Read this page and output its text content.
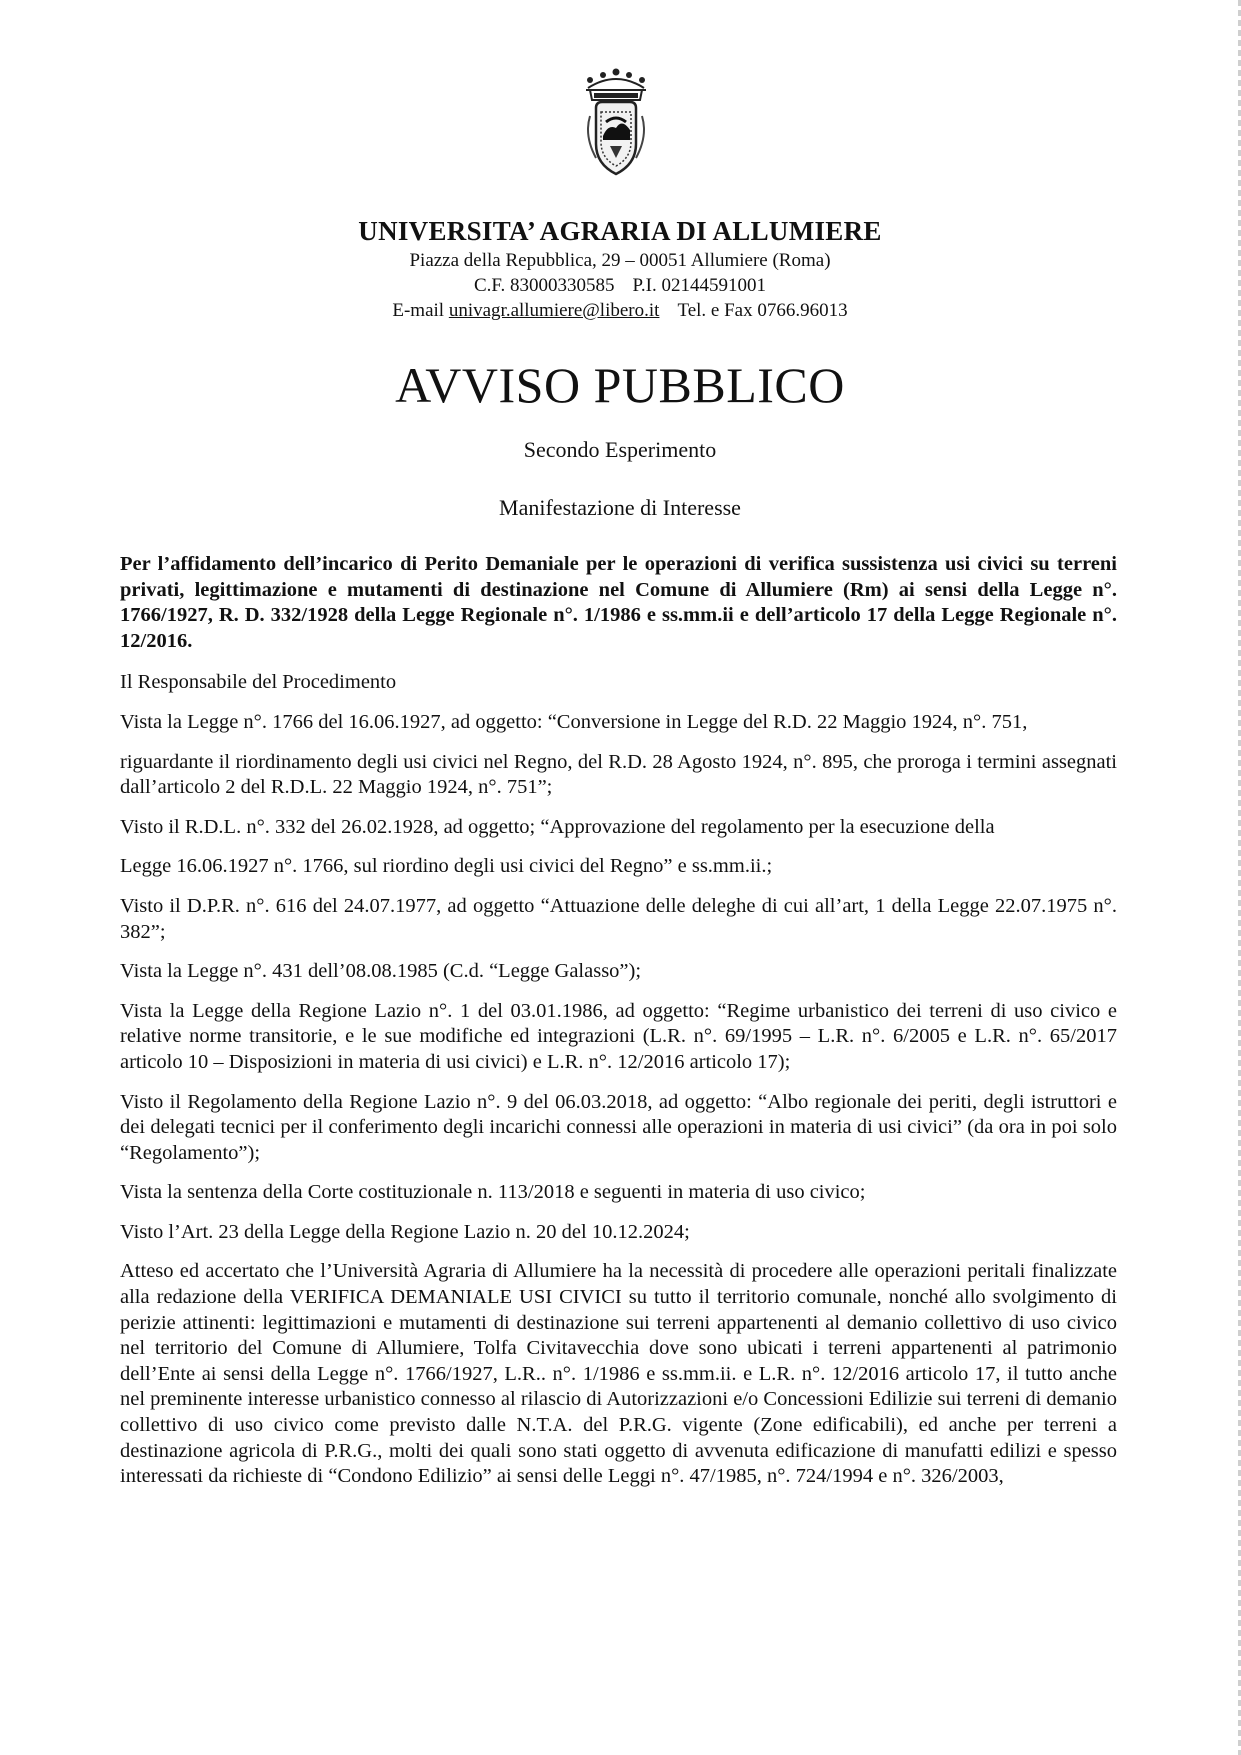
UNIVERSITA’ AGRARIA DI ALLUMIERE
Piazza della Repubblica, 29 – 00051 Allumiere (Roma)
C.F. 83000330585 P.I. 02144591001
E-mail univagr.allumiere@libero.it Tel. e Fax 0766.96013
AVVISO PUBBLICO
Secondo Esperimento
Manifestazione di Interesse

Per l’affidamento dell’incarico di Perito Demaniale per le operazioni di verifica sussistenza usi civici su terreni privati, legittimazione e mutamenti di destinazione nel Comune di Allumiere (Rm) ai sensi della Legge n°. 1766/1927, R. D. 332/1928 della Legge Regionale n°. 1/1986 e ss.mm.ii e dell’articolo 17 della Legge Regionale n°. 12/2016.

Il Responsabile del Procedimento

Vista la Legge n°. 1766 del 16.06.1927, ad oggetto: “Conversione in Legge del R.D. 22 Maggio 1924, n°. 751,

riguardante il riordinamento degli usi civici nel Regno, del R.D. 28 Agosto 1924, n°. 895, che proroga i termini assegnati dall’articolo 2 del R.D.L. 22 Maggio 1924, n°. 751”;

Visto il R.D.L. n°. 332 del 26.02.1928, ad oggetto; “Approvazione del regolamento per la esecuzione della

Legge 16.06.1927 n°. 1766, sul riordino degli usi civici del Regno” e ss.mm.ii.;

Visto il D.P.R. n°. 616 del 24.07.1977, ad oggetto “Attuazione delle deleghe di cui all’art, 1 della Legge 22.07.1975 n°. 382”;

Vista la Legge n°. 431 dell’08.08.1985 (C.d. “Legge Galasso”);

Vista la Legge della Regione Lazio n°. 1 del 03.01.1986, ad oggetto: “Regime urbanistico dei terreni di uso civico e relative norme transitorie, e le sue modifiche ed integrazioni (L.R. n°. 69/1995 – L.R. n°. 6/2005 e L.R. n°. 65/2017 articolo 10 – Disposizioni in materia di usi civici) e L.R. n°. 12/2016 articolo 17);

Visto il Regolamento della Regione Lazio n°. 9 del 06.03.2018, ad oggetto: “Albo regionale dei periti, degli istruttori e dei delegati tecnici per il conferimento degli incarichi connessi alle operazioni in materia di usi civici” (da ora in poi solo “Regolamento”);

Vista la sentenza della Corte costituzionale n. 113/2018 e seguenti in materia di uso civico;

Visto l’Art. 23 della Legge della Regione Lazio n. 20 del 10.12.2024;

Atteso ed accertato che l’Università Agraria di Allumiere ha la necessità di procedere alle operazioni peritali finalizzate alla redazione della VERIFICA DEMANIALE USI CIVICI su tutto il territorio comunale, nonché allo svolgimento di perizie attinenti: legittimazioni e mutamenti di destinazione sui terreni appartenenti al demanio collettivo di uso civico nel territorio del Comune di Allumiere, Tolfa Civitavecchia dove sono ubicati i terreni appartenenti al patrimonio dell’Ente ai sensi della Legge n°. 1766/1927, L.R.. n°. 1/1986 e ss.mm.ii. e L.R. n°. 12/2016 articolo 17, il tutto anche nel preminente interesse urbanistico connesso al rilascio di Autorizzazioni e/o Concessioni Edilizie sui terreni di demanio collettivo di uso civico come previsto dalle N.T.A. del P.R.G. vigente (Zone edificabili), ed anche per terreni a destinazione agricola di P.R.G., molti dei quali sono stati oggetto di avvenuta edificazione di manufatti edilizi e spesso interessati da richieste di “Condono Edilizio” ai sensi delle Leggi n°. 47/1985, n°. 724/1994 e n°. 326/2003,
